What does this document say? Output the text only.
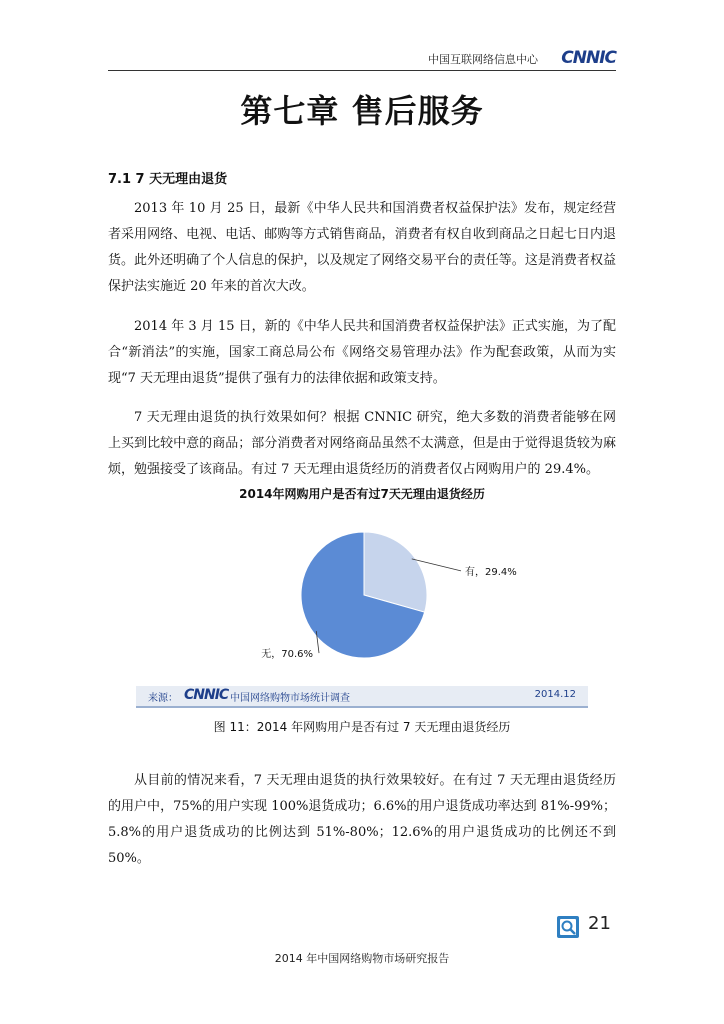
中国互联网络信息中心 CNNIC
第七章 售后服务
7.1 7 天无理由退货

2013 年 10 月 25 日，最新《中华人民共和国消费者权益保护法》发布，规定经营者采用网络、电视、电话、邮购等方式销售商品，消费者有权自收到商品之日起七日内退货。此外还明确了个人信息的保护，以及规定了网络交易平台的责任等。这是消费者权益保护法实施近 20 年来的首次大改。

2014 年 3 月 15 日，新的《中华人民共和国消费者权益保护法》正式实施，为了配合“新消法”的实施，国家工商总局公布《网络交易管理办法》作为配套政策，从而为实现“7 天无理由退货”提供了强有力的法律依据和政策支持。

7 天无理由退货的执行效果如何？根据 CNNIC 研究，绝大多数的消费者能够在网上买到比较中意的商品；部分消费者对网络商品虽然不太满意，但是由于觉得退货较为麻烦，勉强接受了该商品。有过 7 天无理由退货经历的消费者仅占网购用户的 29.4%。

有，29.4%
无，70.6%
2014年网购用户是否有过7天无理由退货经历
来源： CNNIC 中国网络购物市场统计调查	2014.12
图 11：2014 年网购用户是否有过 7 天无理由退货经历

从目前的情况来看，7 天无理由退货的执行效果较好。在有过 7 天无理由退货经历的用户中，75%的用户实现 100%退货成功；6.6%的用户退货成功率达到 81%-99%；5.8%的用户退货成功的比例达到 51%-80%；12.6%的用户退货成功的比例还不到 50%。

21
2014 年中国网络购物市场研究报告
